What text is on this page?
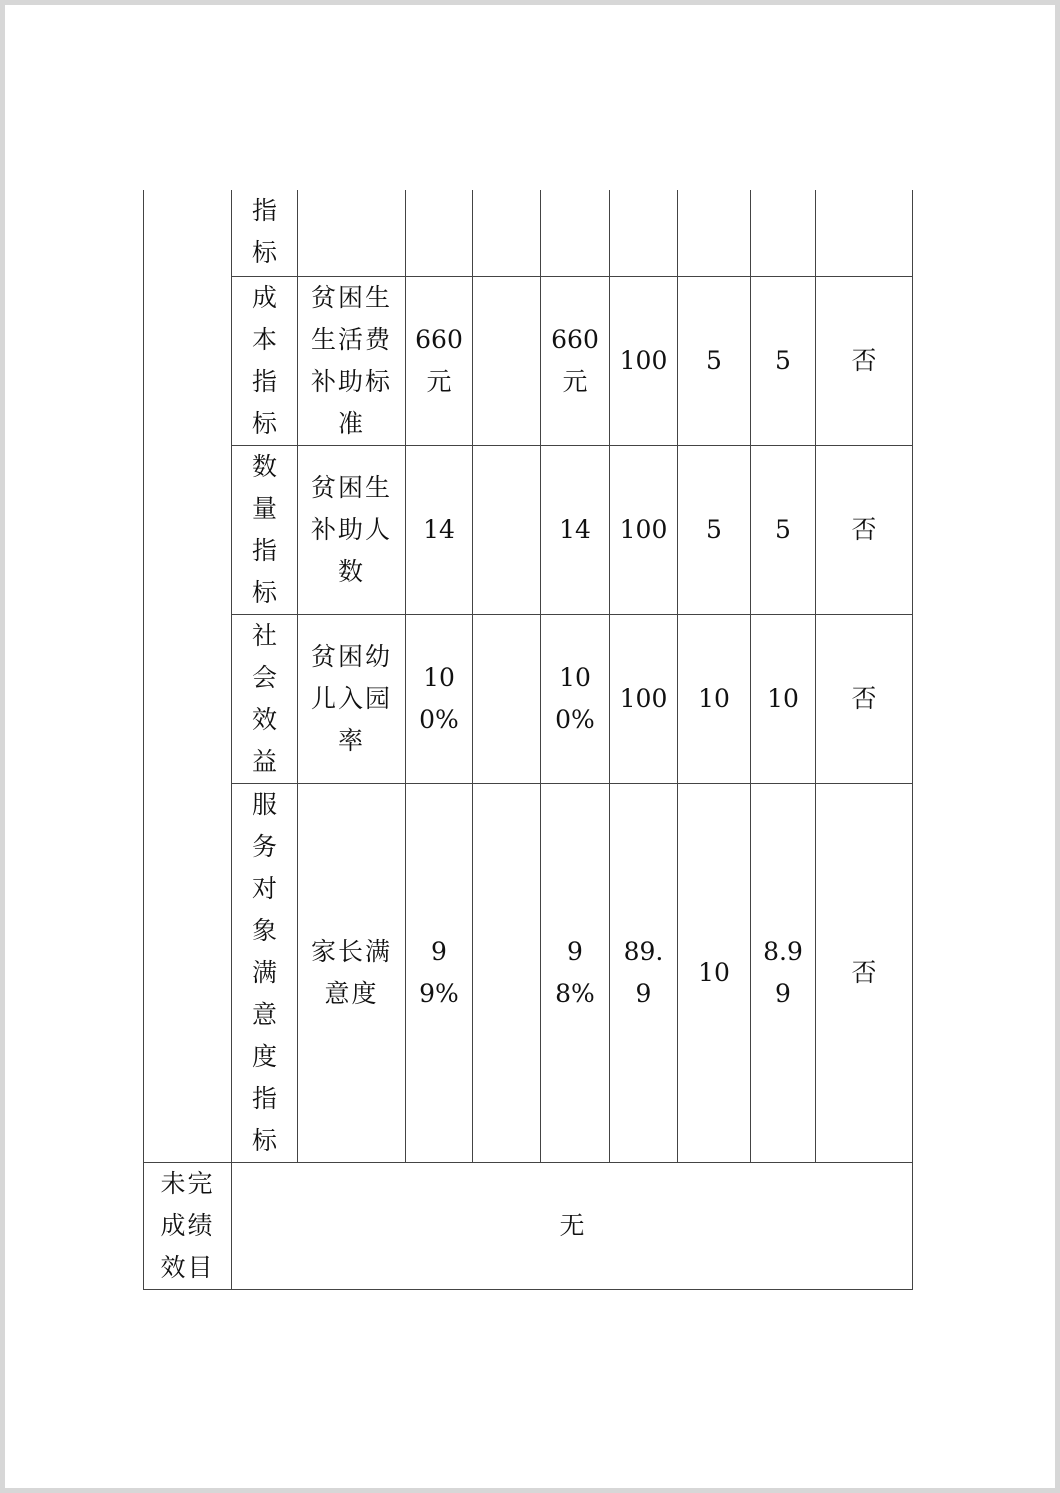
	指标								
	成本指标	贫困生生活费补助标准	660元		660元	100	5	5	否
	数量指标	贫困生补助人数	14		14	100	5	5	否
	社会效益	贫困幼儿入园率	100%		100%	100	10	10	否
	服务对象满意度指标	家长满意度	99%		98%	89.9	10	8.99	否
未完成绩效目	无								
